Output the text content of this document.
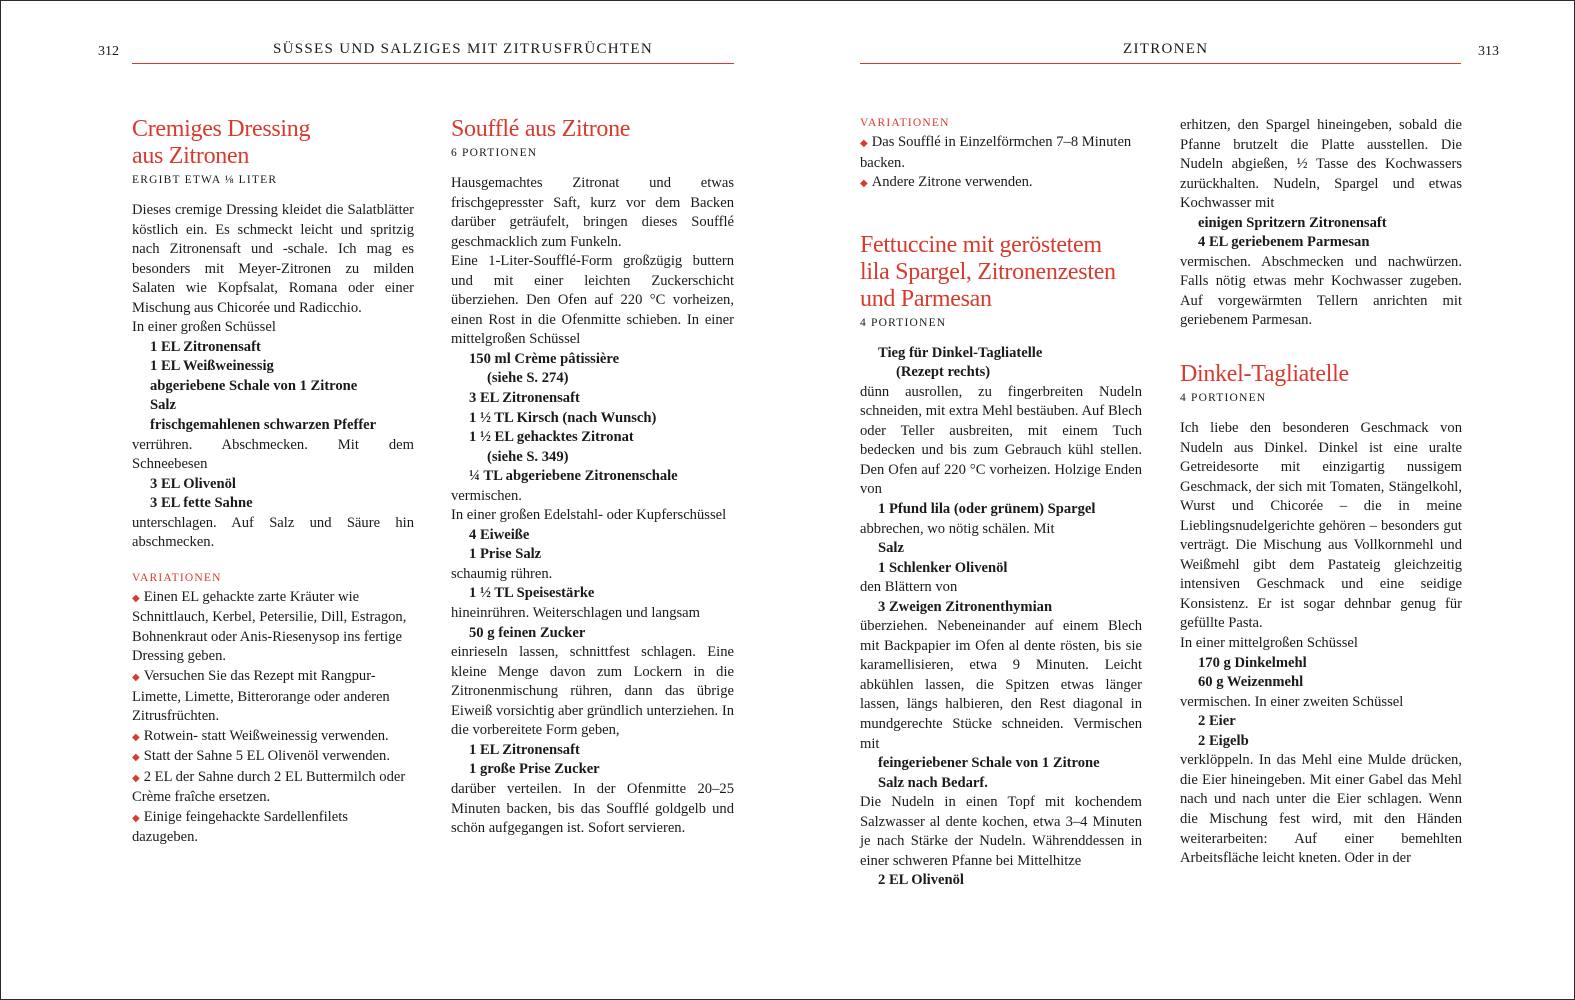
312	SÜSSES UND SALZIGES MIT ZITRUSFRÜCHTEN	ZITRONEN	313
Cremiges Dressing
aus Zitronen
ERGIBT ETWA ⅛ LITER

Dieses cremige Dressing kleidet die Salatblätter köstlich ein. Es schmeckt leicht und spritzig nach Zitronensaft und -schale. Ich mag es besonders mit Meyer-Zitronen zu milden Salaten wie Kopfsalat, Romana oder einer Mischung aus Chicorée und Radicchio.

In einer großen Schüssel

1 EL Zitronensaft
1 EL Weißweinessig
abgeriebene Schale von 1 Zitrone
Salz
frischgemahlenen schwarzen Pfeffer

verrühren. Abschmecken. Mit dem Schneebesen

3 EL Olivenöl
3 EL fette Sahne

unterschlagen. Auf Salz und Säure hin abschmecken.

VARIATIONEN

◆ Einen EL gehackte zarte Kräuter wie Schnittlauch, Kerbel, Petersilie, Dill, Estragon, Bohnenkraut oder Anis-Riesenysop ins fertige Dressing geben.

◆ Versuchen Sie das Rezept mit Rangpur-Limette, Limette, Bitterorange oder anderen Zitrusfrüchten.

◆ Rotwein- statt Weißweinessig verwenden.

◆ Statt der Sahne 5 EL Olivenöl verwenden.

◆ 2 EL der Sahne durch 2 EL Buttermilch oder Crème fraîche ersetzen.

◆ Einige feingehackte Sardellenfilets dazugeben.

Soufflé aus Zitrone
6 PORTIONEN

Hausgemachtes Zitronat und etwas frischgepresster Saft, kurz vor dem Backen darüber geträufelt, bringen dieses Soufflé geschmacklich zum Funkeln.

Eine 1-Liter-Soufflé-Form großzügig buttern und mit einer leichten Zuckerschicht überziehen. Den Ofen auf 220 °C vorheizen, einen Rost in die Ofenmitte schieben. In einer mittelgroßen Schüssel

150 ml Crème pâtissière
(siehe S. 274)
3 EL Zitronensaft
1 ½ TL Kirsch (nach Wunsch)
1 ½ EL gehacktes Zitronat
(siehe S. 349)
¼ TL abgeriebene Zitronenschale

vermischen.

In einer großen Edelstahl- oder Kupferschüssel

4 Eiweiße
1 Prise Salz

schaumig rühren.

1 ½ TL Speisestärke

hineinrühren. Weiterschlagen und langsam

50 g feinen Zucker

einrieseln lassen, schnittfest schlagen. Eine kleine Menge davon zum Lockern in die Zitronenmischung rühren, dann das übrige Eiweiß vorsichtig aber gründlich unterziehen. In die vorbereitete Form geben,

1 EL Zitronensaft
1 große Prise Zucker

darüber verteilen. In der Ofenmitte 20–25 Minuten backen, bis das Soufflé goldgelb und schön aufgegangen ist. Sofort servieren.

VARIATIONEN

◆ Das Soufflé in Einzelförmchen 7–8 Minuten backen.

◆ Andere Zitrone verwenden.

Fettuccine mit geröstetem
lila Spargel, Zitronenzesten
und Parmesan
4 PORTIONEN
Tieg für Dinkel-Tagliatelle
(Rezept rechts)

dünn ausrollen, zu fingerbreiten Nudeln schneiden, mit extra Mehl bestäuben. Auf Blech oder Teller ausbreiten, mit einem Tuch bedecken und bis zum Gebrauch kühl stellen. Den Ofen auf 220 °C vorheizen. Holzige Enden von

1 Pfund lila (oder grünem) Spargel

abbrechen, wo nötig schälen. Mit

Salz
1 Schlenker Olivenöl

den Blättern von

3 Zweigen Zitronenthymian

überziehen. Nebeneinander auf einem Blech mit Backpapier im Ofen al dente rösten, bis sie karamellisieren, etwa 9 Minuten. Leicht abkühlen lassen, die Spitzen etwas länger lassen, längs halbieren, den Rest diagonal in mundgerechte Stücke schneiden. Vermischen mit

feingeriebener Schale von 1 Zitrone
Salz nach Bedarf.

Die Nudeln in einen Topf mit kochendem Salzwasser al dente kochen, etwa 3–4 Minuten je nach Stärke der Nudeln. Währenddessen in einer schweren Pfanne bei Mittelhitze

2 EL Olivenöl

erhitzen, den Spargel hineingeben, sobald die Pfanne brutzelt die Platte ausstellen. Die Nudeln abgießen, ½ Tasse des Kochwassers zurückhalten. Nudeln, Spargel und etwas Kochwasser mit

einigen Spritzern Zitronensaft
4 EL geriebenem Parmesan

vermischen. Abschmecken und nachwürzen. Falls nötig etwas mehr Kochwasser zugeben. Auf vorgewärmten Tellern anrichten mit geriebenem Parmesan.

Dinkel-Tagliatelle
4 PORTIONEN

Ich liebe den besonderen Geschmack von Nudeln aus Dinkel. Dinkel ist eine uralte Getreidesorte mit einzigartig nussigem Geschmack, der sich mit Tomaten, Stängelkohl, Wurst und Chicorée – die in meine Lieblingsnudelgerichte gehören – besonders gut verträgt. Die Mischung aus Vollkornmehl und Weißmehl gibt dem Pastateig gleichzeitig intensiven Geschmack und eine seidige Konsistenz. Er ist sogar dehnbar genug für gefüllte Pasta.

In einer mittelgroßen Schüssel

170 g Dinkelmehl
60 g Weizenmehl

vermischen. In einer zweiten Schüssel

2 Eier
2 Eigelb

verklöppeln. In das Mehl eine Mulde drücken, die Eier hineingeben. Mit einer Gabel das Mehl nach und nach unter die Eier schlagen. Wenn die Mischung fest wird, mit den Händen weiterarbeiten: Auf einer bemehlten Arbeitsfläche leicht kneten. Oder in der
